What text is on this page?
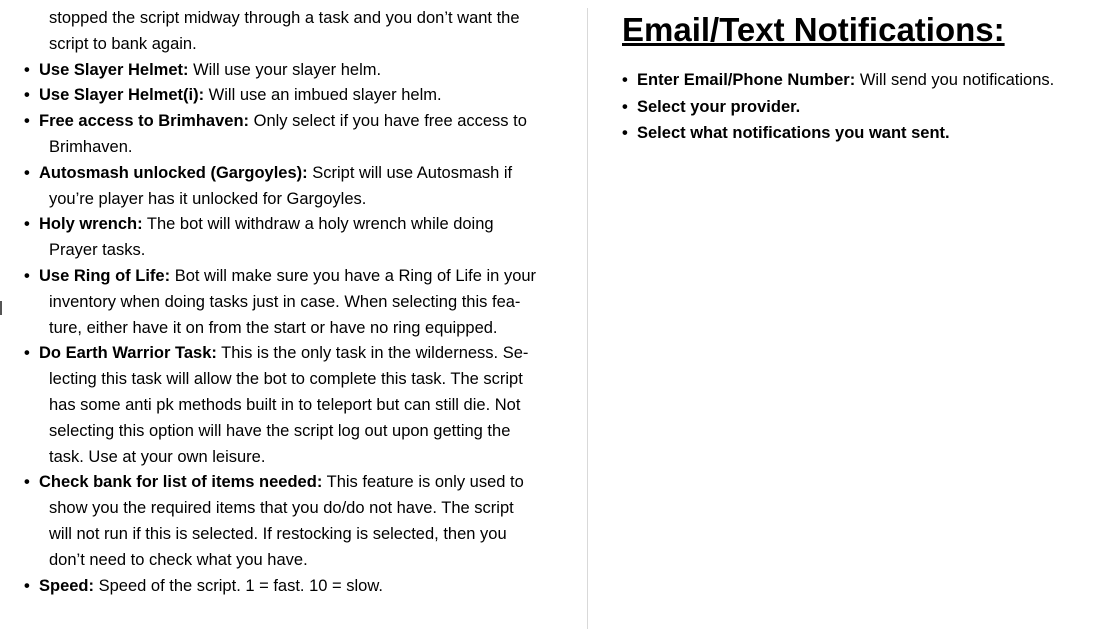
stopped the script midway through a task and you don’t want the
script to bank again.
• Use Slayer Helmet: Will use your slayer helm.
• Use Slayer Helmet(i): Will use an imbued slayer helm.
• Free access to Brimhaven: Only select if you have free access to
Brimhaven.
• Autosmash unlocked (Gargoyles): Script will use Autosmash if
you’re player has it unlocked for Gargoyles.
• Holy wrench: The bot will withdraw a holy wrench while doing
Prayer tasks.
• Use Ring of Life: Bot will make sure you have a Ring of Life in your
inventory when doing tasks just in case. When selecting this fea-
ture, either have it on from the start or have no ring equipped.
• Do Earth Warrior Task: This is the only task in the wilderness. Se-
lecting this task will allow the bot to complete this task. The script
has some anti pk methods built in to teleport but can still die. Not
selecting this option will have the script log out upon getting the
task. Use at your own leisure.
• Check bank for list of items needed: This feature is only used to
show you the required items that you do/do not have. The script
will not run if this is selected. If restocking is selected, then you
don’t need to check what you have.
• Speed: Speed of the script. 1 = fast. 10 = slow.
Email/Text Notifications:
• Enter Email/Phone Number: Will send you notifications.
• Select your provider.
• Select what notifications you want sent.
